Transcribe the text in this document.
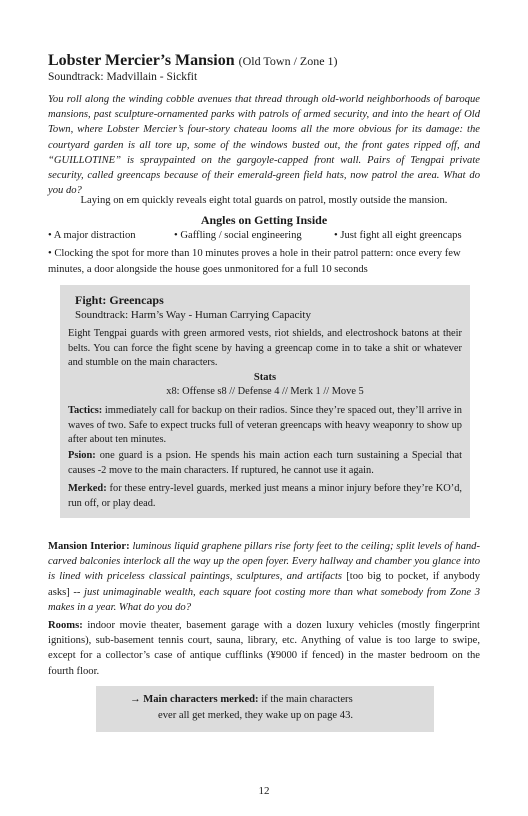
Lobster Mercier’s Mansion (Old Town / Zone 1)
Soundtrack: Madvillain - Sickfit
You roll along the winding cobble avenues that thread through old-world neighborhoods of baroque mansions, past sculpture-ornamented parks with patrols of armed security, and into the heart of Old Town, where Lobster Mercier’s four-story chateau looms all the more obvious for its damage: the courtyard garden is all tore up, some of the windows busted out, the front gates ripped off, and “GUILLOTINE” is spraypainted on the gargoyle-capped front wall. Pairs of Tengpai private security, called greencaps because of their emerald-green field hats, now patrol the area. What do you do?
Laying on em quickly reveals eight total guards on patrol, mostly outside the mansion.
Angles on Getting Inside
• A major distraction	• Gaffling / social engineering	• Just fight all eight greencaps
• Clocking the spot for more than 10 minutes proves a hole in their patrol pattern: once every few minutes, a door alongside the house goes unmonitored for a full 10 seconds
Fight: Greencaps
Soundtrack: Harm’s Way - Human Carrying Capacity
Eight Tengpai guards with green armored vests, riot shields, and electroshock batons at their belts. You can force the fight scene by having a greencap come in to take a shit or whatever and stumble on the main characters.
Stats
x8: Offense s8 // Defense 4 // Merk 1 // Move 5
Tactics: immediately call for backup on their radios. Since they’re spaced out, they’ll arrive in waves of two. Safe to expect trucks full of veteran greencaps with heavy weaponry to show up after about ten minutes.
Psion: one guard is a psion. He spends his main action each turn sustaining a Special that causes -2 move to the main characters. If ruptured, he cannot use it again.
Merked: for these entry-level guards, merked just means a minor injury before they’re KO’d, run off, or play dead.
Mansion Interior: luminous liquid graphene pillars rise forty feet to the ceiling; split levels of hand-carved balconies interlock all the way up the open foyer. Every hallway and chamber you glance into is lined with priceless classical paintings, sculptures, and artifacts [too big to pocket, if anybody asks] -- just unimaginable wealth, each square foot costing more than what somebody from Zone 3 makes in a year. What do you do?
Rooms: indoor movie theater, basement garage with a dozen luxury vehicles (mostly fingerprint ignitions), sub-basement tennis court, sauna, library, etc. Anything of value is too large to swipe, except for a collector’s case of antique cufflinks (¥9000 if fenced) in the master bedroom on the fourth floor.
→ Main characters merked: if the main characters
ever all get merked, they wake up on page 43.
12
